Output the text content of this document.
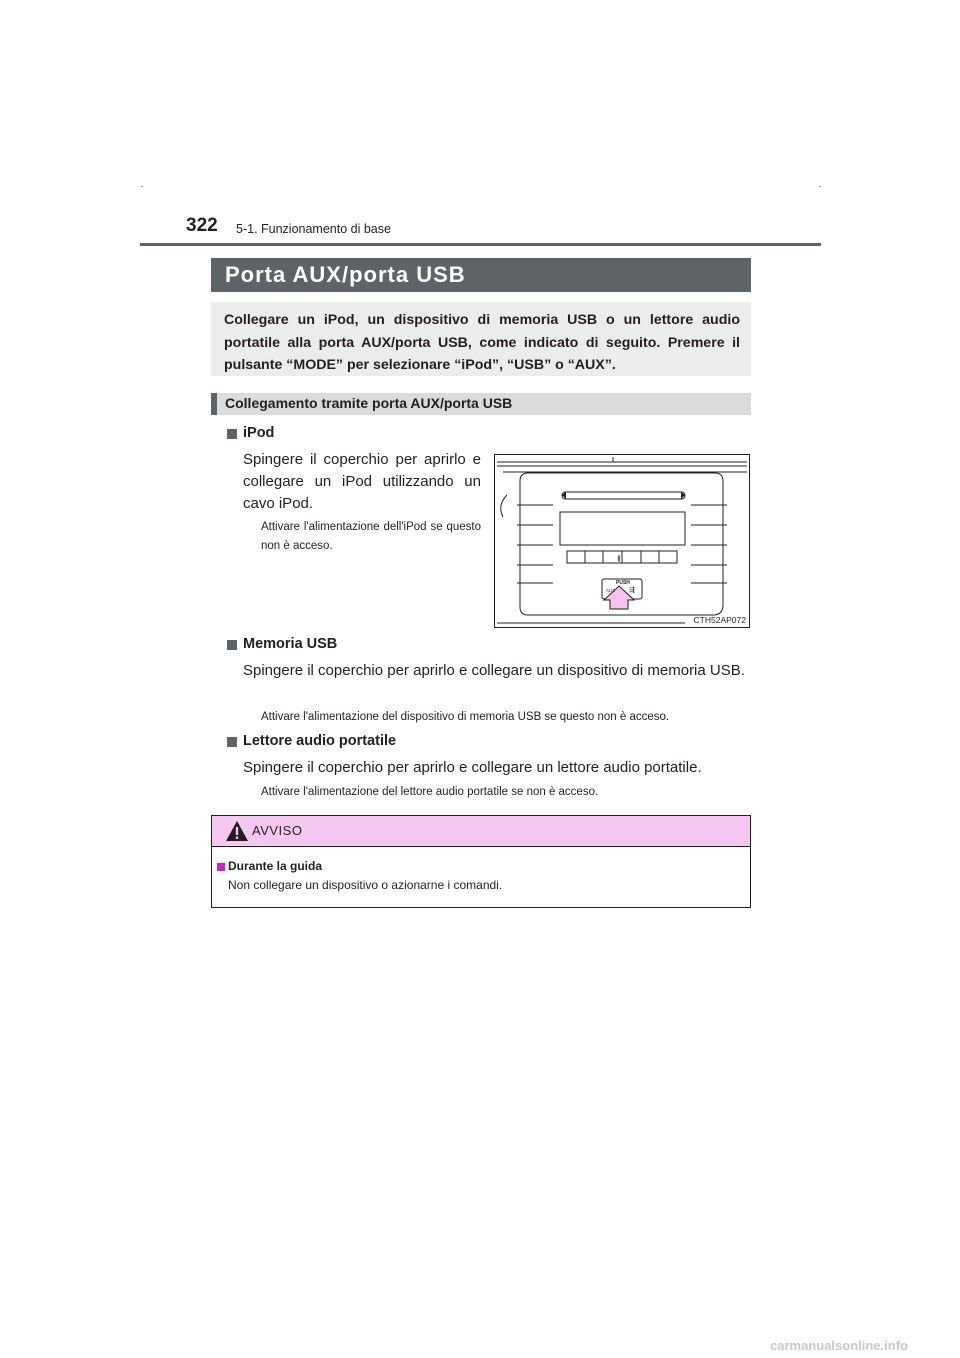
322 5-1. Funzionamento di base
Porta AUX/porta USB
Collegare un iPod, un dispositivo di memoria USB o un lettore audio portatile alla porta AUX/porta USB, come indicato di seguito. Premere il pulsante “MODE” per selezionare “iPod”, “USB” o “AUX”.
Collegamento tramite porta AUX/porta USB
iPod
Spingere il coperchio per aprirlo e collegare un iPod utilizzando un cavo iPod.
Attivare l'alimentazione dell'iPod se questo non è acceso.
≬
PUSH
AUX ⇶
CTH52AP072
Memoria USB
Spingere il coperchio per aprirlo e collegare un dispositivo di memoria USB.
Attivare l'alimentazione del dispositivo di memoria USB se questo non è acceso.
Lettore audio portatile
Spingere il coperchio per aprirlo e collegare un lettore audio portatile.
Attivare l'alimentazione del lettore audio portatile se non è acceso.
AVVISO
Durante la guida
Non collegare un dispositivo o azionarne i comandi.
carmanualsonline.info
